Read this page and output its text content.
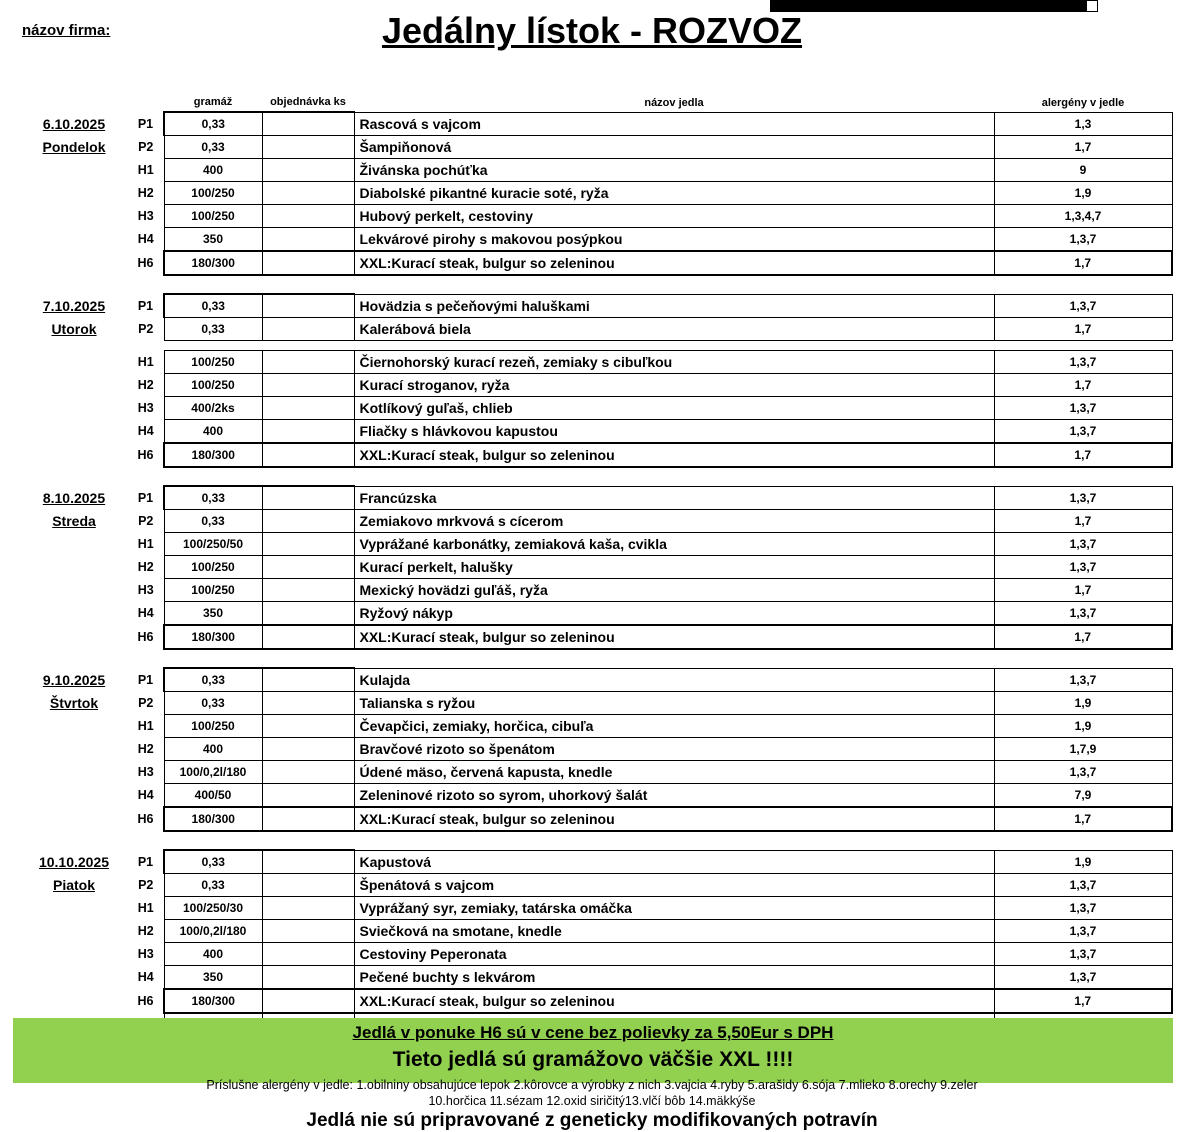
názov firma:	Jedálny lístok - ROZVOZ
		gramáž	objednávka ks	názov jedla	alergény v jedle
6.10.2025	P1	0,33		Rascová s vajcom	1,3
Pondelok	P2	0,33		Šampiňonová	1,7
	H1	400		Živánska pochúťka	9
	H2	100/250		Diabolské pikantné kuracie soté, ryža	1,9
	H3	100/250		Hubový perkelt, cestoviny	1,3,4,7
	H4	350		Lekvárové pirohy s makovou posýpkou	1,3,7
	H6	180/300		XXL:Kurací steak, bulgur so zeleninou	1,7

7.10.2025	P1	0,33		Hovädzia s pečeňovými haluškami	1,3,7
Utorok	P2	0,33		Kalerábová biela	1,7

	H1	100/250		Čiernohorský kurací rezeň, zemiaky s cibuľkou	1,3,7
	H2	100/250		Kurací stroganov, ryža	1,7
	H3	400/2ks		Kotlíkový guľaš, chlieb	1,3,7
	H4	400		Fliačky s hlávkovou kapustou	1,3,7
	H6	180/300		XXL:Kurací steak, bulgur so zeleninou	1,7

8.10.2025	P1	0,33		Francúzska	1,3,7
Streda	P2	0,33		Zemiakovo mrkvová s cícerom	1,7
	H1	100/250/50		Vyprážané karbonátky, zemiaková kaša, cvikla	1,3,7
	H2	100/250		Kurací perkelt, halušky	1,3,7
	H3	100/250		Mexický hovädzi guľáš, ryža	1,7
	H4	350		Ryžový nákyp	1,3,7
	H6	180/300		XXL:Kurací steak, bulgur so zeleninou	1,7

9.10.2025	P1	0,33		Kulajda	1,3,7
Štvrtok	P2	0,33		Talianska s ryžou	1,9
	H1	100/250		Čevapčici, zemiaky, horčica, cibuľa	1,9
	H2	400		Bravčové rizoto so špenátom	1,7,9
	H3	100/0,2l/180		Údené mäso, červená kapusta, knedle	1,3,7
	H4	400/50		Zeleninové rizoto so syrom, uhorkový šalát	7,9
	H6	180/300		XXL:Kurací steak, bulgur so zeleninou	1,7

10.10.2025	P1	0,33		Kapustová	1,9
Piatok	P2	0,33		Špenátová s vajcom	1,3,7
	H1	100/250/30		Vyprážaný syr, zemiaky, tatárska omáčka	1,3,7
	H2	100/0,2l/180		Sviečková na smotane, knedle	1,3,7
	H3	400		Cestoviny Peperonata	1,3,7
	H4	350		Pečené buchty s lekvárom	1,3,7
	H6	180/300		XXL:Kurací steak, bulgur so zeleninou	1,7

Jedlá v ponuke H6 sú v cene bez polievky za 5,50Eur s DPH
Tieto jedlá sú gramážovo väčšie XXL !!!!
Príslušne alergény v jedle: 1.obilniny obsahujúce lepok 2.kôrovce a výrobky z nich 3.vajcia 4.ryby 5.arašidy 6.sója 7.mlieko 8.orechy 9.zeler
10.horčica 11.sézam 12.oxid siričitý13.vlčí bôb 14.mäkkýše
Jedlá nie sú pripravované z geneticky modifikovaných potravín
